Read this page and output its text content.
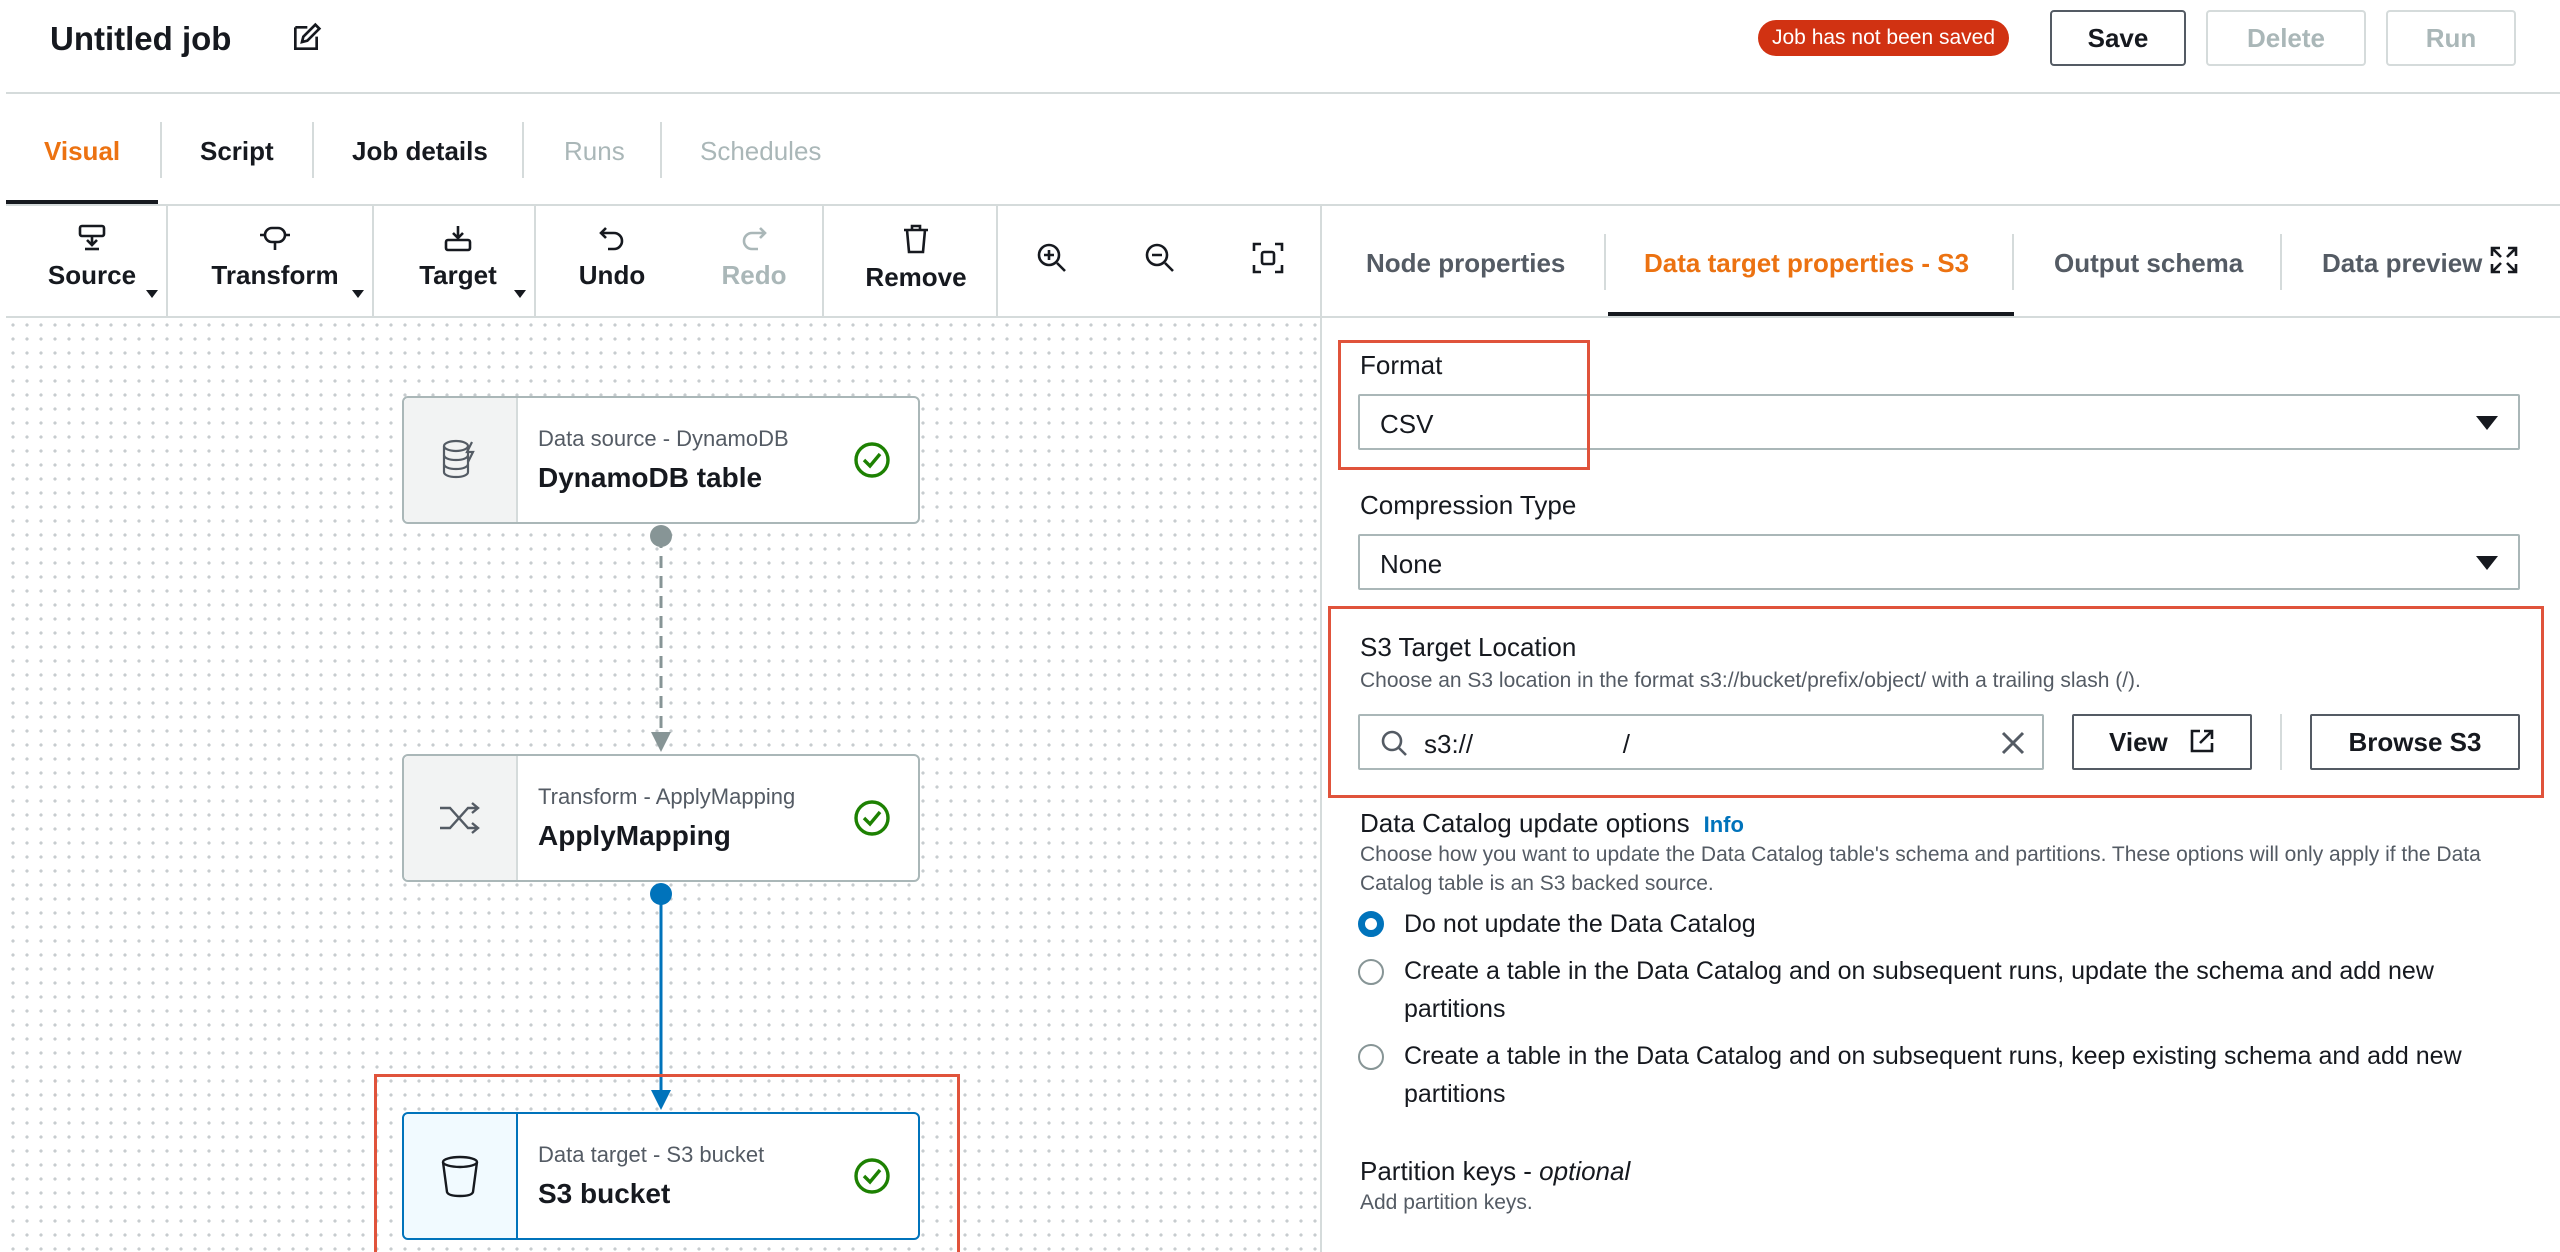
Untitled job	Job has not been saved	Save	Delete	Run
Visual	Script	Job details	Runs	Schedules
Source	Transform	Target	Undo	Redo	Remove
Data source - DynamoDB
DynamoDB table
Transform - ApplyMapping
ApplyMapping
Data target - S3 bucket
S3 bucket
Node properties	Data target properties - S3	Output schema	Data preview
Format
CSV
Compression Type
None
S3 Target Location
Choose an S3 location in the format s3://bucket/prefix/object/ with a trailing slash (/).
s3://                     /	View	Browse S3
Data Catalog update options Info
Choose how you want to update the Data Catalog table's schema and partitions. These options will only apply if the Data Catalog table is an S3 backed source.
Do not update the Data Catalog
Create a table in the Data Catalog and on subsequent runs, update the schema and add new partitions
Create a table in the Data Catalog and on subsequent runs, keep existing schema and add new partitions
Partition keys - optional
Add partition keys.
